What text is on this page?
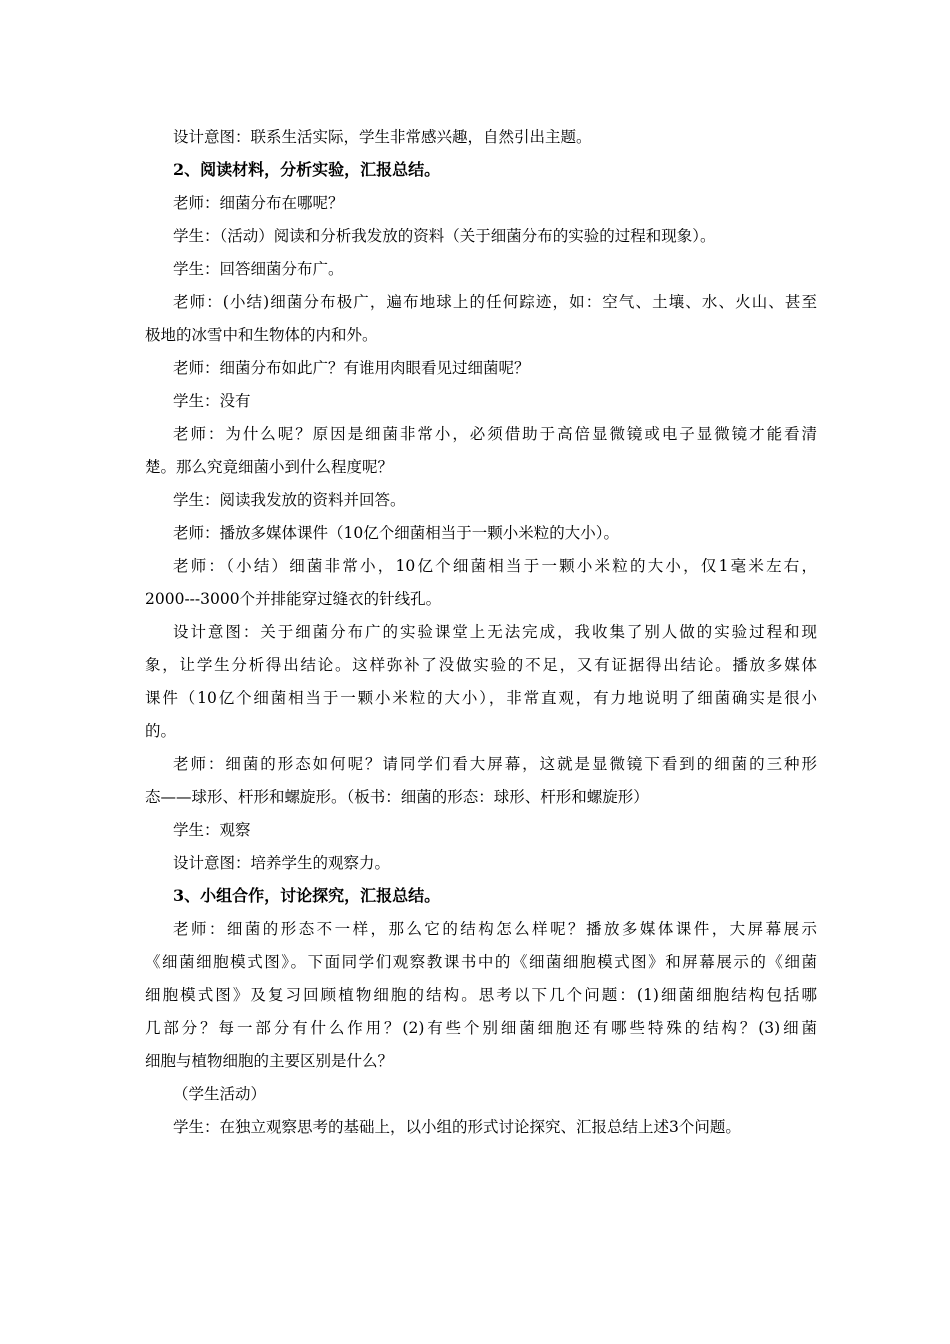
设计意图：联系生活实际，学生非常感兴趣，自然引出主题。
2、阅读材料，分析实验，汇报总结。
老师：细菌分布在哪呢？
学生：（活动）阅读和分析我发放的资料（关于细菌分布的实验的过程和现象）。
学生：回答细菌分布广。
老师：(小结)细菌分布极广，遍布地球上的任何踪迹，如：空气、土壤、水、火山、甚至
极地的冰雪中和生物体的内和外。
老师：细菌分布如此广？有谁用肉眼看见过细菌呢？
学生：没有
老师：为什么呢？原因是细菌非常小，必须借助于高倍显微镜或电子显微镜才能看清
楚。那么究竟细菌小到什么程度呢？
学生：阅读我发放的资料并回答。
老师：播放多媒体课件（10亿个细菌相当于一颗小米粒的大小）。
老师：（小结）细菌非常小，10亿个细菌相当于一颗小米粒的大小，仅1毫米左右，
2000---3000个并排能穿过缝衣的针线孔。
设计意图：关于细菌分布广的实验课堂上无法完成，我收集了别人做的实验过程和现
象，让学生分析得出结论。这样弥补了没做实验的不足，又有证据得出结论。播放多媒体
课件（10亿个细菌相当于一颗小米粒的大小），非常直观，有力地说明了细菌确实是很小
的。
老师：细菌的形态如何呢？请同学们看大屏幕，这就是显微镜下看到的细菌的三种形
态——球形、杆形和螺旋形。（板书：细菌的形态：球形、杆形和螺旋形）
学生：观察
设计意图：培养学生的观察力。
3、小组合作，讨论探究，汇报总结。
老师：细菌的形态不一样，那么它的结构怎么样呢？播放多媒体课件，大屏幕展示
《细菌细胞模式图》。下面同学们观察教课书中的《细菌细胞模式图》和屏幕展示的《细菌
细胞模式图》及复习回顾植物细胞的结构。思考以下几个问题：(1)细菌细胞结构包括哪
几部分？每一部分有什么作用？(2)有些个别细菌细胞还有哪些特殊的结构？(3)细菌
细胞与植物细胞的主要区别是什么？
（学生活动）
学生：在独立观察思考的基础上，以小组的形式讨论探究、汇报总结上述3个问题。
